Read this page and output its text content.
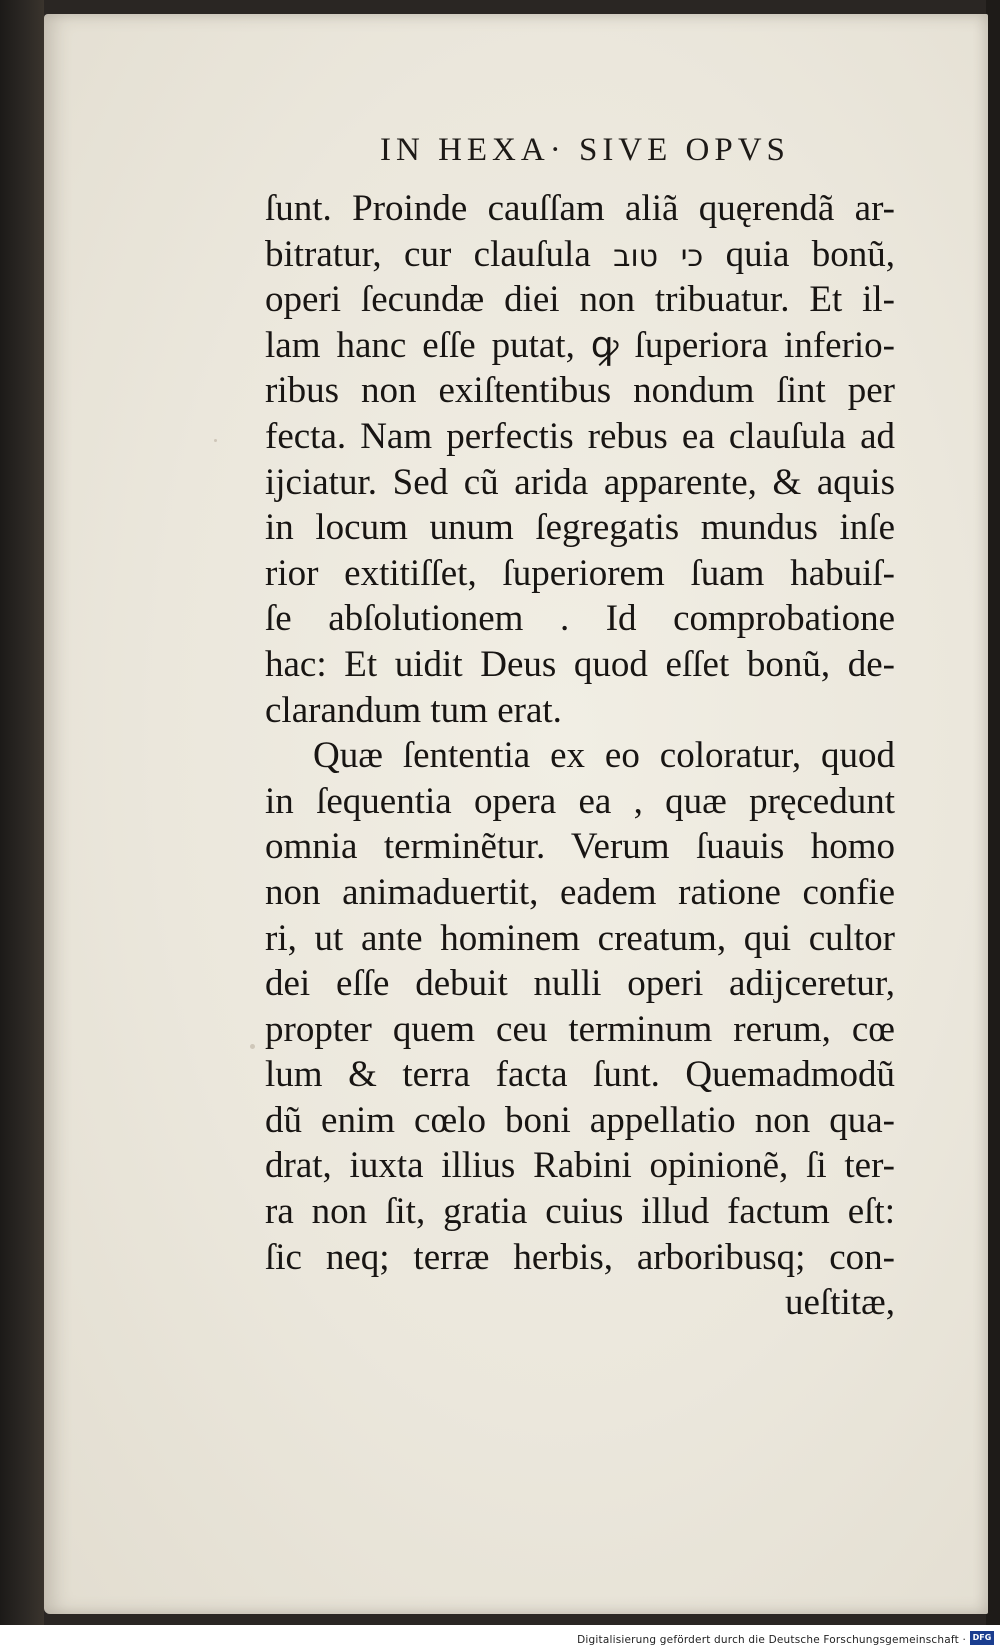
IN HEXA· SIVE OPVS
ſunt. Proinde cauſſam aliã quęrendã ar-
bitratur, cur clauſula כי טוב quia bonũ,
operi ſecundæ diei non tribuatur. Et il-
lam hanc eſſe putat, ꝙ ſuperiora inferio-
ribus non exiſtentibus nondum ſint per
fecta. Nam perfectis rebus ea clauſula ad
ijciatur. Sed cũ arida apparente, & aquis
in locum unum ſegregatis mundus inſe
rior extitiſſet, ſuperiorem ſuam habuiſ-
ſe abſolutionem . Id comprobatione
hac: Et uidit Deus quod eſſet bonũ, de-
clarandum tum erat.
Quæ ſententia ex eo coloratur, quod
in ſequentia opera ea , quæ pręcedunt
omnia terminẽtur. Verum ſuauis homo
non animaduertit, eadem ratione confie
ri, ut ante hominem creatum, qui cultor
dei eſſe debuit nulli operi adijceretur,
propter quem ceu terminum rerum, cœ
lum & terra facta ſunt. Quemadmodũ
dũ enim cœlo boni appellatio non qua-
drat, iuxta illius Rabini opinionẽ, ſi ter-
ra non ſit, gratia cuius illud factum eſt:
ſic neq; terræ herbis, arboribusq; con-
ueſtitæ,
Digitalisierung gefördert durch die Deutsche Forschungsgemeinschaft · DFG
